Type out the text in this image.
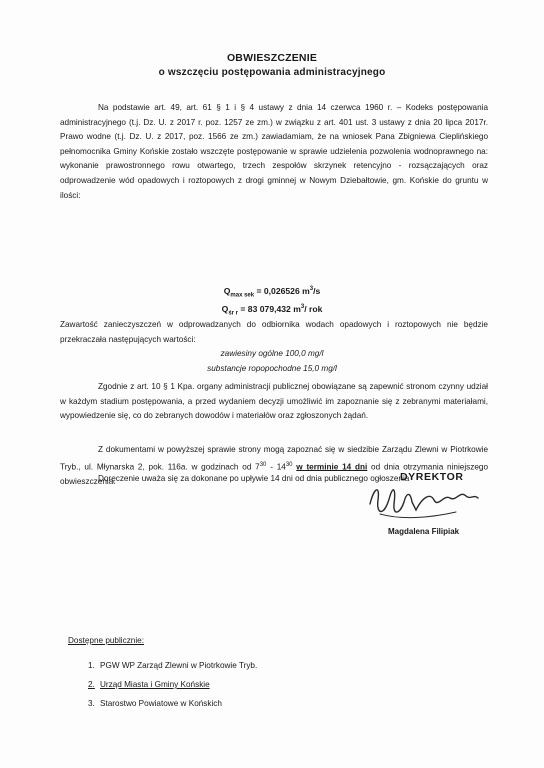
OBWIESZCZENIE
o wszczęciu postępowania administracyjnego
Na podstawie art. 49, art. 61 § 1 i § 4 ustawy z dnia 14 czerwca 1960 r. – Kodeks postępowania administracyjnego (t.j. Dz. U. z 2017 r. poz. 1257 ze zm.) w związku z art. 401 ust. 3 ustawy z dnia 20 lipca 2017r. Prawo wodne (t.j. Dz. U. z 2017, poz. 1566 ze zm.) zawiadamiam, że na wniosek Pana Zbigniewa Cieplińskiego pełnomocnika Gminy Końskie zostało wszczęte postępowanie w sprawie udzielenia pozwolenia wodnoprawnego na: wykonanie prawostronnego rowu otwartego, trzech zespołów skrzynek retencyjno - rozsączających oraz odprowadzenie wód opadowych i roztopowych z drogi gminnej w Nowym Dziebałtowie, gm. Końskie do gruntu w ilości:
$Q_{max sek} = 0,026526$ $m^3/s$
$Q_{śr r} = 83$ 079,432 $m^3/$ rok
Zawartość zanieczyszczeń w odprowadzanych do odbiornika wodach opadowych i roztopowych nie będzie przekraczała następujących wartości:
zawiesiny ogólne 100,0 mg/l
substancje ropopochodne 15,0 mg/l
Zgodnie z art. 10 § 1 Kpa. organy administracji publicznej obowiązane są zapewnić stronom czynny udział w każdym stadium postępowania, a przed wydaniem decyzji umożliwić im zapoznanie się z zebranymi materiałami, wypowiedzenie się, co do zebranych dowodów i materiałów oraz zgłoszonych żądań.
Z dokumentami w powyższej sprawie strony mogą zapoznać się w siedzibie Zarządu Zlewni w Piotrkowie Tryb., ul. Młynarska 2, pok. 116a. w godzinach od $7^{30} - 14^{30}$ w terminie 14 dni od dnia otrzymania niniejszego obwieszczenia.
Doręczenie uważa się za dokonane po upływie 14 dni od dnia publicznego ogłoszenia
DYREKTOR
Magdalena Filipiak
Dostępne publicznie:
1. PGW WP Zarząd Zlewni w Piotrkowie Tryb.
2. Urząd Miasta i Gminy Końskie
3. Starostwo Powiatowe w Końskich
